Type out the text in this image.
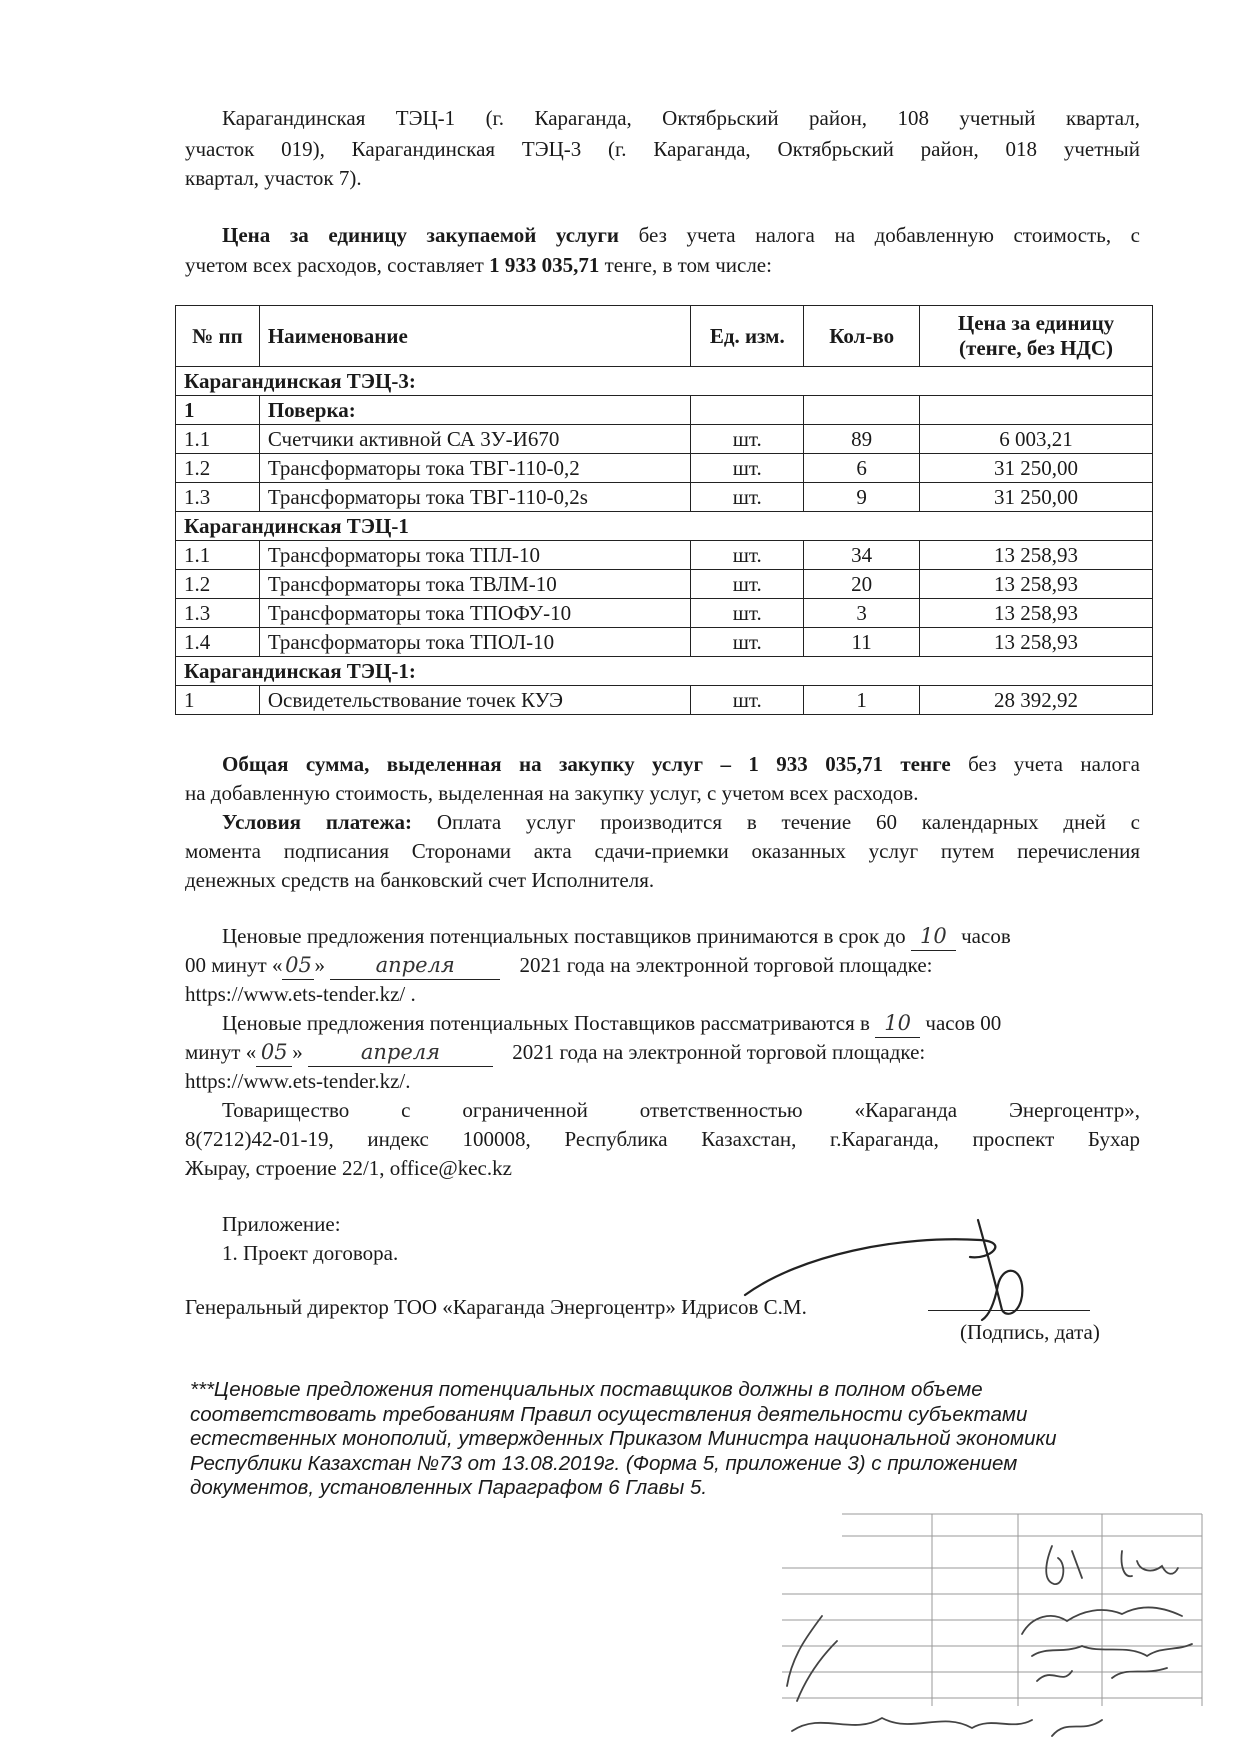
Карагандинская ТЭЦ-1 (г. Караганда, Октябрьский район, 108 учетный квартал,
участок 019), Карагандинская ТЭЦ-3 (г. Караганда, Октябрьский район, 018 учетный
квартал, участок 7).
Цена за единицу закупаемой услуги без учета налога на добавленную стоимость, с
учетом всех расходов, составляет 1 933 035,71 тенге, в том числе:
№ пп	Наименование	Ед. изм.	Кол-во	Цена за единицу
(тенге, без НДС)
Карагандинская ТЭЦ-3:				
1	Поверка:			
1.1	Счетчики активной СА 3У-И670	шт.	89	6 003,21
1.2	Трансформаторы тока ТВГ-110-0,2	шт.	6	31 250,00
1.3	Трансформаторы тока ТВГ-110-0,2s	шт.	9	31 250,00
Карагандинская ТЭЦ-1				
1.1	Трансформаторы тока ТПЛ-10	шт.	34	13 258,93
1.2	Трансформаторы тока ТВЛМ-10	шт.	20	13 258,93
1.3	Трансформаторы тока ТПОФУ-10	шт.	3	13 258,93
1.4	Трансформаторы тока ТПОЛ-10	шт.	11	13 258,93
Карагандинская ТЭЦ-1:				
1	Освидетельствование точек КУЭ	шт.	1	28 392,92
Общая сумма, выделенная на закупку услуг – 1 933 035,71 тенге без учета налога
на добавленную стоимость, выделенная на закупку услуг, с учетом всех расходов.
Условия платежа: Оплата услуг производится в течение 60 календарных дней с
момента подписания Сторонами акта сдачи-приемки оказанных услуг путем перечисления
денежных средств на банковский счет Исполнителя.
Ценовые предложения потенциальных поставщиков принимаются в срок до 10 часов
00 минут « 05 » апреля	2021 года на электронной торговой площадке:
https://www.ets-tender.kz/ .
Ценовые предложения потенциальных Поставщиков рассматриваются в 10 часов 00
минут « 05 »	апреля	2021 года на электронной торговой площадке:
https://www.ets-tender.kz/.
Товарищество с ограниченной ответственностью «Караганда Энергоцентр»,
8(7212)42-01-19, индекс 100008, Республика Казахстан, г.Караганда, проспект Бухар
Жырау, строение 22/1, office@kec.kz
Приложение:
1. Проект договора.
Генеральный директор ТОО «Караганда Энергоцентр» Идрисов С.М.
(Подпись, дата)
***Ценовые предложения потенциальных поставщиков должны в полном объеме
соответствовать требованиям Правил осуществления деятельности субъектами
естественных монополий, утвержденных Приказом Министра национальной экономики
Республики Казахстан №73 от 13.08.2019г. (Форма 5, приложение 3) с приложением
документов, установленных Параграфом 6 Главы 5.
